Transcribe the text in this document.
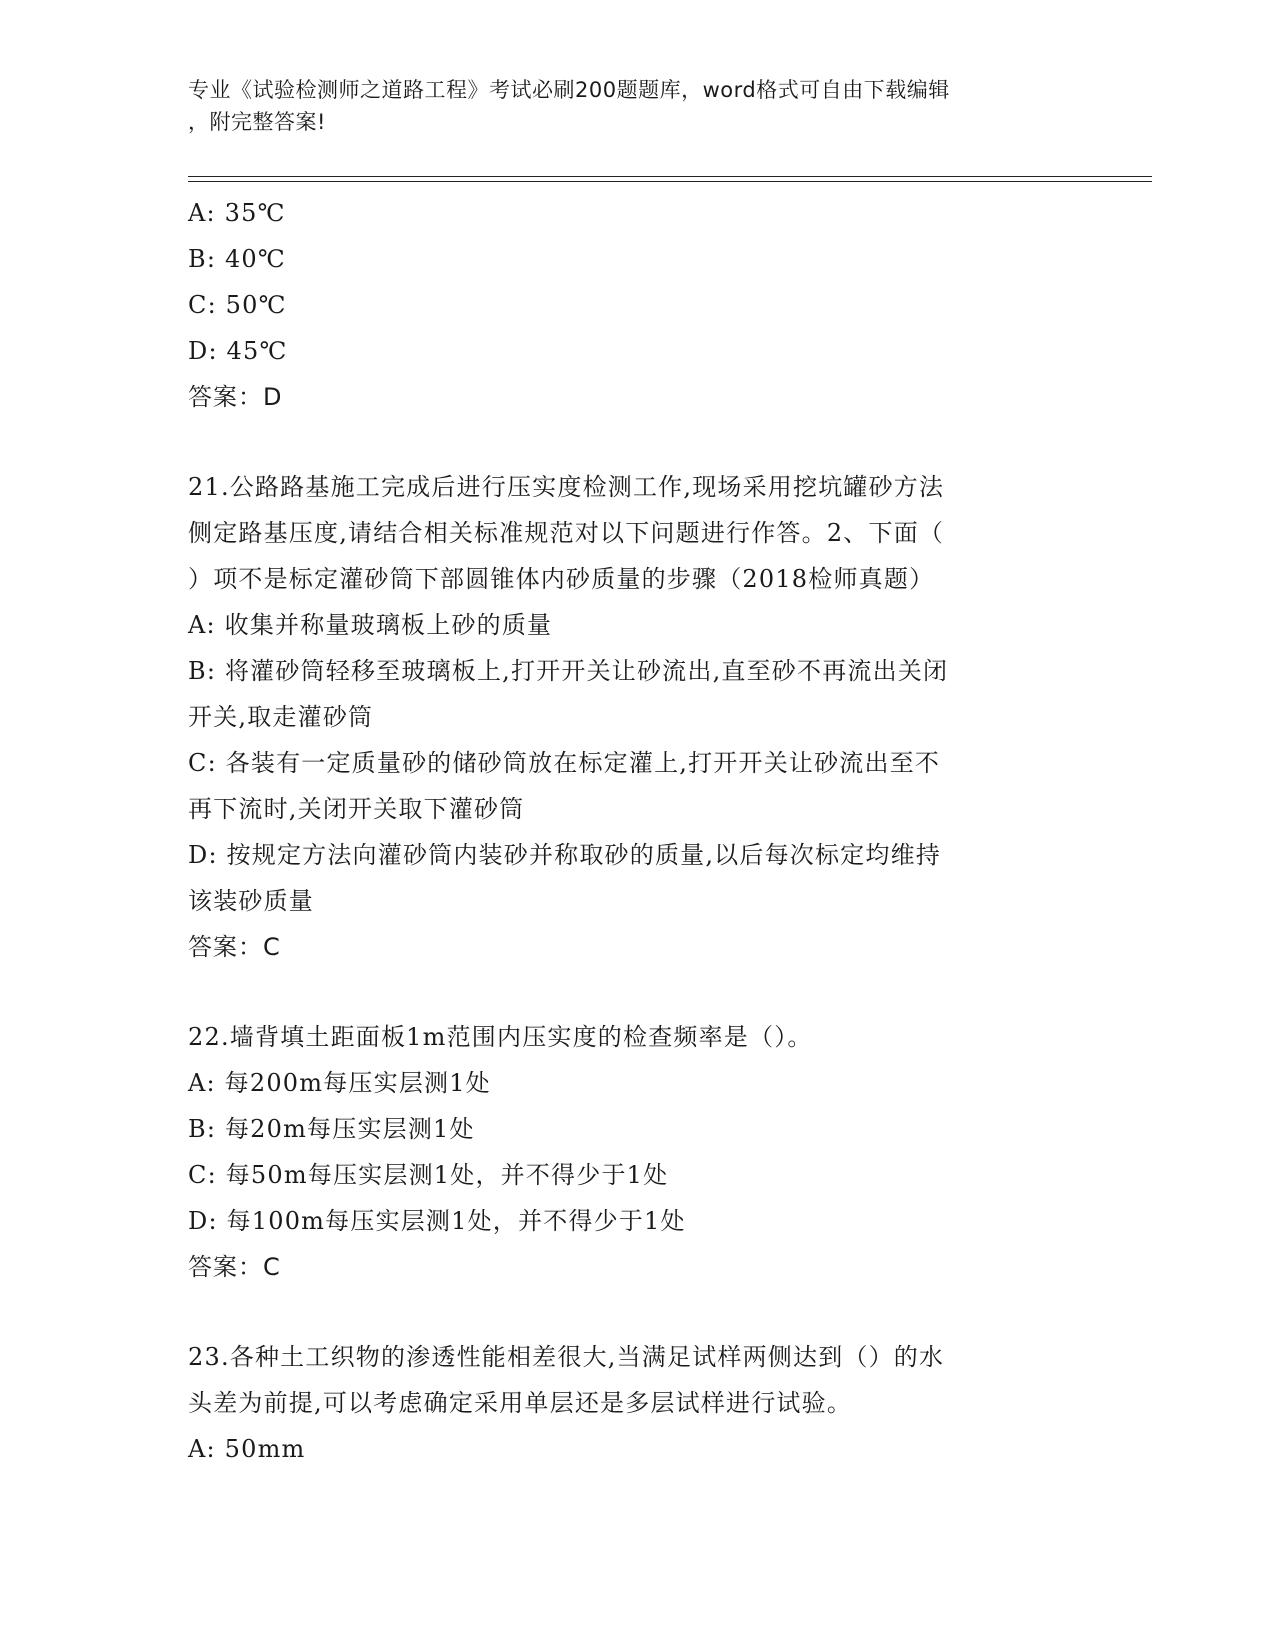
专业《试验检测师之道路工程》考试必刷200题题库，word格式可自由下载编辑
，附完整答案!
A: 35℃
B: 40℃
C: 50℃
D: 45℃
答案：D
21.公路路基施工完成后进行压实度检测工作,现场采用挖坑罐砂方法
侧定路基压度,请结合相关标准规范对以下问题进行作答。2、下面（
）项不是标定灌砂筒下部圆锥体内砂质量的步骤（2018检师真题）
A: 收集并称量玻璃板上砂的质量
B: 将灌砂筒轻移至玻璃板上,打开开关让砂流出,直至砂不再流出关闭
开关,取走灌砂筒
C: 各装有一定质量砂的储砂筒放在标定灌上,打开开关让砂流出至不
再下流时,关闭开关取下灌砂筒
D: 按规定方法向灌砂筒内装砂并称取砂的质量,以后每次标定均维持
该装砂质量
答案：C
22.墙背填土距面板1m范围内压实度的检查频率是（）。
A: 每200m每压实层测1处
B: 每20m每压实层测1处
C: 每50m每压实层测1处，并不得少于1处
D: 每100m每压实层测1处，并不得少于1处
答案：C
23.各种土工织物的渗透性能相差很大,当满足试样两侧达到（）的水
头差为前提,可以考虑确定采用单层还是多层试样进行试验。
A: 50mm
